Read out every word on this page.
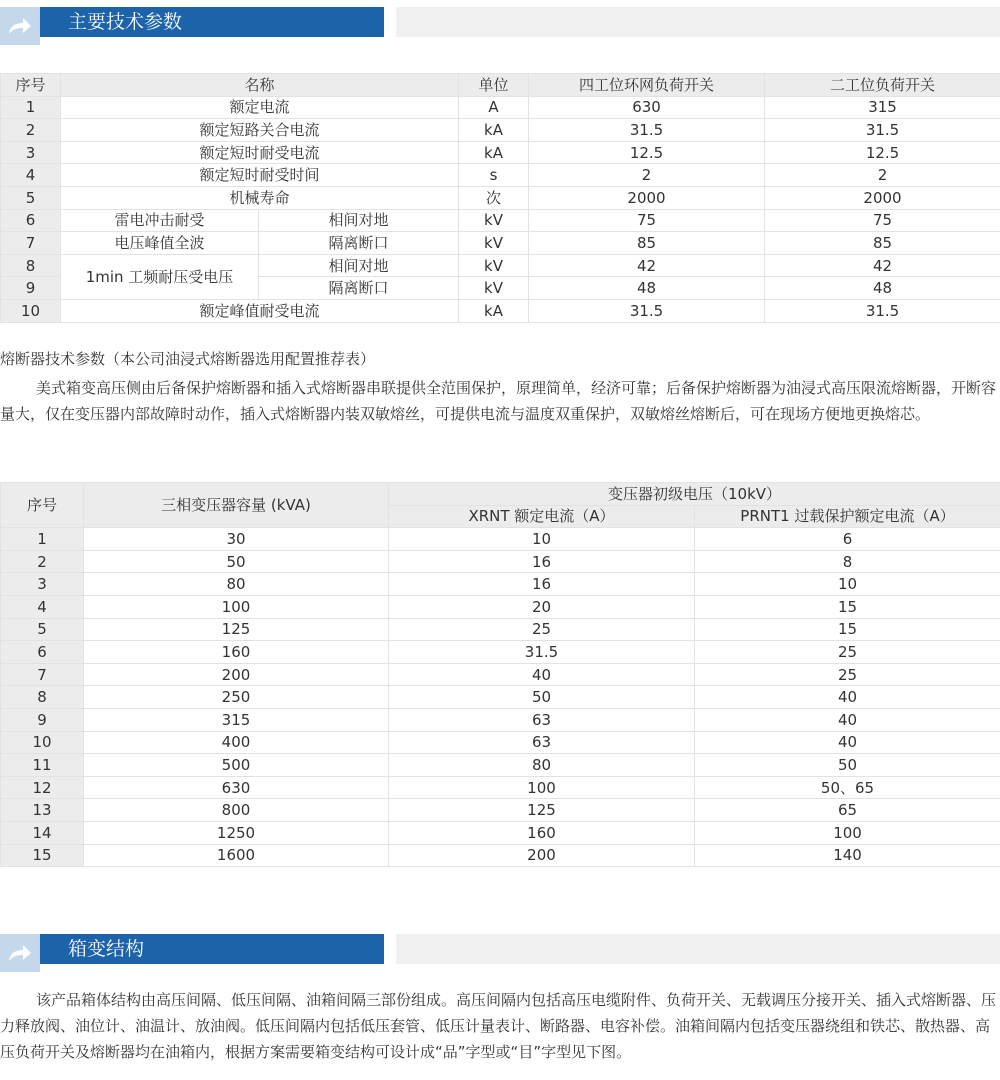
主要技术参数
序号	名称		单位	四工位环网负荷开关	二工位负荷开关
1	额定电流		A	630	315
2	额定短路关合电流		kA	31.5	31.5
3	额定短时耐受电流		kA	12.5	12.5
4	额定短时耐受时间		s	2	2
5	机械寿命		次	2000	2000
6	雷电冲击耐受	相间对地	kV	75	75
7	电压峰值全波	隔离断口	kV	85	85
8	1min 工频耐压受电压	相间对地	kV	42	42
9		隔离断口	kV	48	48
10	额定峰值耐受电流		kA	31.5	31.5
熔断器技术参数（本公司油浸式熔断器选用配置推荐表）

美式箱变高压侧由后备保护熔断器和插入式熔断器串联提供全范围保护，原理简单，经济可靠；后备保护熔断器为油浸式高压限流熔断器，开断容量大，仅在变压器内部故障时动作，插入式熔断器内装双敏熔丝，可提供电流与温度双重保护，双敏熔丝熔断后，可在现场方便地更换熔芯。

序号	三相变压器容量 (kVA)	变压器初级电压（10kV）	
		XRNT 额定电流（A）	PRNT1 过载保护额定电流（A）
1	30	10	6
2	50	16	8
3	80	16	10
4	100	20	15
5	125	25	15
6	160	31.5	25
7	200	40	25
8	250	50	40
9	315	63	40
10	400	63	40
11	500	80	50
12	630	100	50、65
13	800	125	65
14	1250	160	100
15	1600	200	140
箱变结构

该产品箱体结构由高压间隔、低压间隔、油箱间隔三部份组成。高压间隔内包括高压电缆附件、负荷开关、无载调压分接开关、插入式熔断器、压力释放阀、油位计、油温计、放油阀。低压间隔内包括低压套管、低压计量表计、断路器、电容补偿。油箱间隔内包括变压器绕组和铁芯、散热器、高压负荷开关及熔断器均在油箱内，根据方案需要箱变结构可设计成“品”字型或“目”字型见下图。
